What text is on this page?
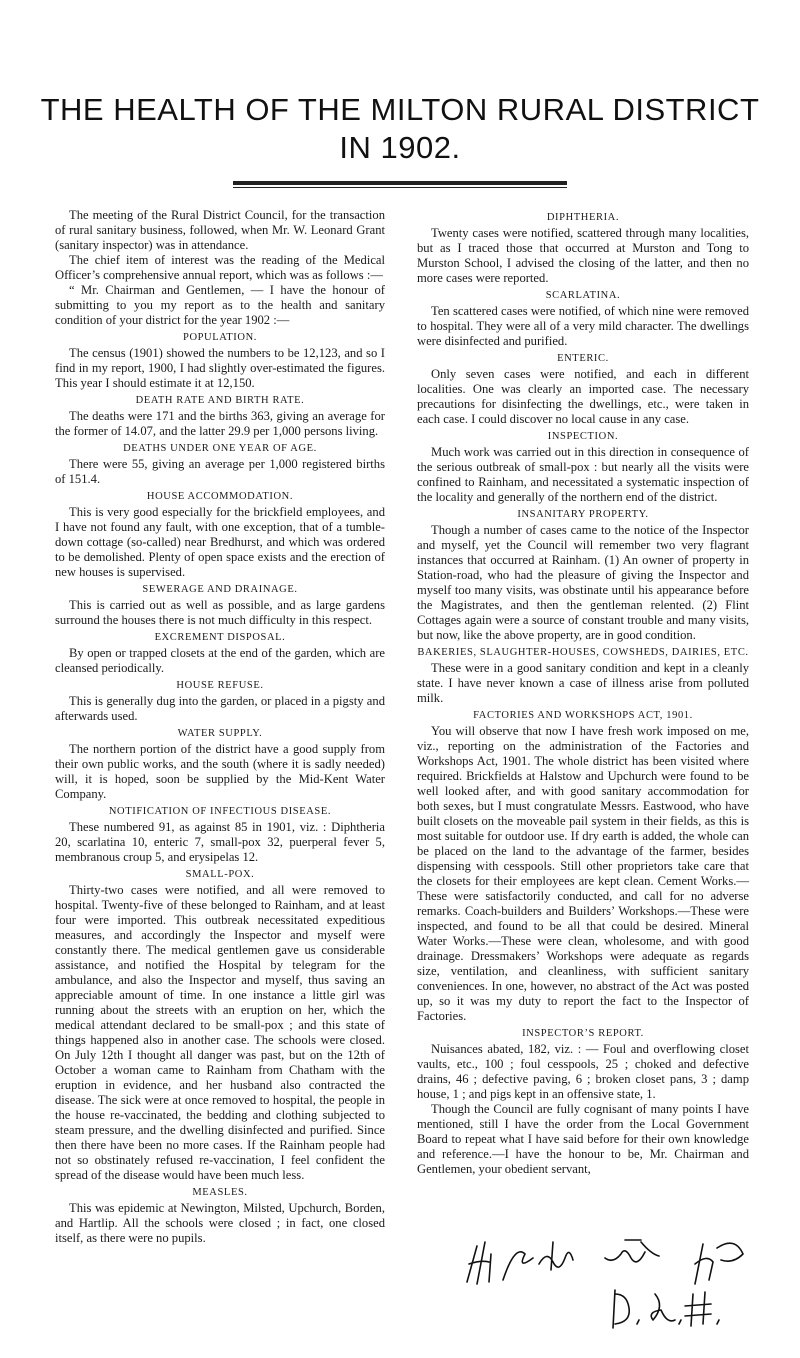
THE HEALTH OF THE MILTON RURAL DISTRICT
IN 1902.

The meeting of the Rural District Council, for the transaction of rural sanitary business, followed, when Mr. W. Leonard Grant (sanitary inspector) was in attendance.

The chief item of interest was the reading of the Medical Officer’s comprehensive annual report, which was as follows :—

“ Mr. Chairman and Gentlemen, — I have the honour of submitting to you my report as to the health and sanitary condition of your district for the year 1902 :—

POPULATION.

The census (1901) showed the numbers to be 12,123, and so I find in my report, 1900, I had slightly over-estimated the figures. This year I should estimate it at 12,150.

DEATH RATE AND BIRTH RATE.

The deaths were 171 and the births 363, giving an average for the former of 14.07, and the latter 29.9 per 1,000 persons living.

DEATHS UNDER ONE YEAR OF AGE.

There were 55, giving an average per 1,000 registered births of 151.4.

HOUSE ACCOMMODATION.

This is very good especially for the brickfield employees, and I have not found any fault, with one exception, that of a tumble-down cottage (so-called) near Bredhurst, and which was ordered to be demolished. Plenty of open space exists and the erection of new houses is supervised.

SEWERAGE AND DRAINAGE.

This is carried out as well as possible, and as large gardens surround the houses there is not much difficulty in this respect.

EXCREMENT DISPOSAL.

By open or trapped closets at the end of the garden, which are cleansed periodically.

HOUSE REFUSE.

This is generally dug into the garden, or placed in a pigsty and afterwards used.

WATER SUPPLY.

The northern portion of the district have a good supply from their own public works, and the south (where it is sadly needed) will, it is hoped, soon be supplied by the Mid-Kent Water Company.

NOTIFICATION OF INFECTIOUS DISEASE.

These numbered 91, as against 85 in 1901, viz. : Diphtheria 20, scarlatina 10, enteric 7, small-pox 32, puerperal fever 5, membranous croup 5, and erysipelas 12.

SMALL-POX.

Thirty-two cases were notified, and all were removed to hospital. Twenty-five of these belonged to Rainham, and at least four were imported. This outbreak necessitated expeditious measures, and accordingly the Inspector and myself were constantly there. The medical gentlemen gave us considerable assistance, and notified the Hospital by telegram for the ambulance, and also the Inspector and myself, thus saving an appreciable amount of time. In one instance a little girl was running about the streets with an eruption on her, which the medical attendant declared to be small-pox ; and this state of things happened also in another case. The schools were closed. On July 12th I thought all danger was past, but on the 12th of October a woman came to Rainham from Chatham with the eruption in evidence, and her husband also contracted the disease. The sick were at once removed to hospital, the people in the house re-vaccinated, the bedding and clothing subjected to steam pressure, and the dwelling disinfected and purified. Since then there have been no more cases. If the Rainham people had not so obstinately refused re-vaccination, I feel confident the spread of the disease would have been much less.

MEASLES.

This was epidemic at Newington, Milsted, Upchurch, Borden, and Hartlip. All the schools were closed ; in fact, one closed itself, as there were no pupils.

DIPHTHERIA.

Twenty cases were notified, scattered through many localities, but as I traced those that occurred at Murston and Tong to Murston School, I advised the closing of the latter, and then no more cases were reported.

SCARLATINA.

Ten scattered cases were notified, of which nine were removed to hospital. They were all of a very mild character. The dwellings were disinfected and purified.

ENTERIC.

Only seven cases were notified, and each in different localities. One was clearly an imported case. The necessary precautions for disinfecting the dwellings, etc., were taken in each case. I could discover no local cause in any case.

INSPECTION.

Much work was carried out in this direction in consequence of the serious outbreak of small-pox : but nearly all the visits were confined to Rainham, and necessitated a systematic inspection of the locality and generally of the northern end of the district.

INSANITARY PROPERTY.

Though a number of cases came to the notice of the Inspector and myself, yet the Council will remember two very flagrant instances that occurred at Rainham. (1) An owner of property in Station-road, who had the pleasure of giving the Inspector and myself too many visits, was obstinate until his appearance before the Magistrates, and then the gentleman relented. (2) Flint Cottages again were a source of constant trouble and many visits, but now, like the above property, are in good condition.

BAKERIES, SLAUGHTER-HOUSES, COWSHEDS, DAIRIES, ETC.

These were in a good sanitary condition and kept in a cleanly state. I have never known a case of illness arise from polluted milk.

FACTORIES AND WORKSHOPS ACT, 1901.

You will observe that now I have fresh work imposed on me, viz., reporting on the administration of the Factories and Workshops Act, 1901. The whole district has been visited where required. Brickfields at Halstow and Upchurch were found to be well looked after, and with good sanitary accommodation for both sexes, but I must congratulate Messrs. Eastwood, who have built closets on the moveable pail system in their fields, as this is most suitable for outdoor use. If dry earth is added, the whole can be placed on the land to the advantage of the farmer, besides dispensing with cesspools. Still other proprietors take care that the closets for their employees are kept clean. Cement Works.—These were satisfactorily conducted, and call for no adverse remarks. Coach-builders and Builders’ Workshops.—These were inspected, and found to be all that could be desired. Mineral Water Works.—These were clean, wholesome, and with good drainage. Dressmakers’ Workshops were adequate as regards size, ventilation, and cleanliness, with sufficient sanitary conveniences. In one, however, no abstract of the Act was posted up, so it was my duty to report the fact to the Inspector of Factories.

INSPECTOR’S REPORT.

Nuisances abated, 182, viz. : — Foul and overflowing closet vaults, etc., 100 ; foul cesspools, 25 ; choked and defective drains, 46 ; defective paving, 6 ; broken closet pans, 3 ; damp house, 1 ; and pigs kept in an offensive state, 1.

Though the Council are fully cognisant of many points I have mentioned, still I have the order from the Local Government Board to repeat what I have said before for their own knowledge and reference.—I have the honour to be, Mr. Chairman and Gentlemen, your obedient servant,
